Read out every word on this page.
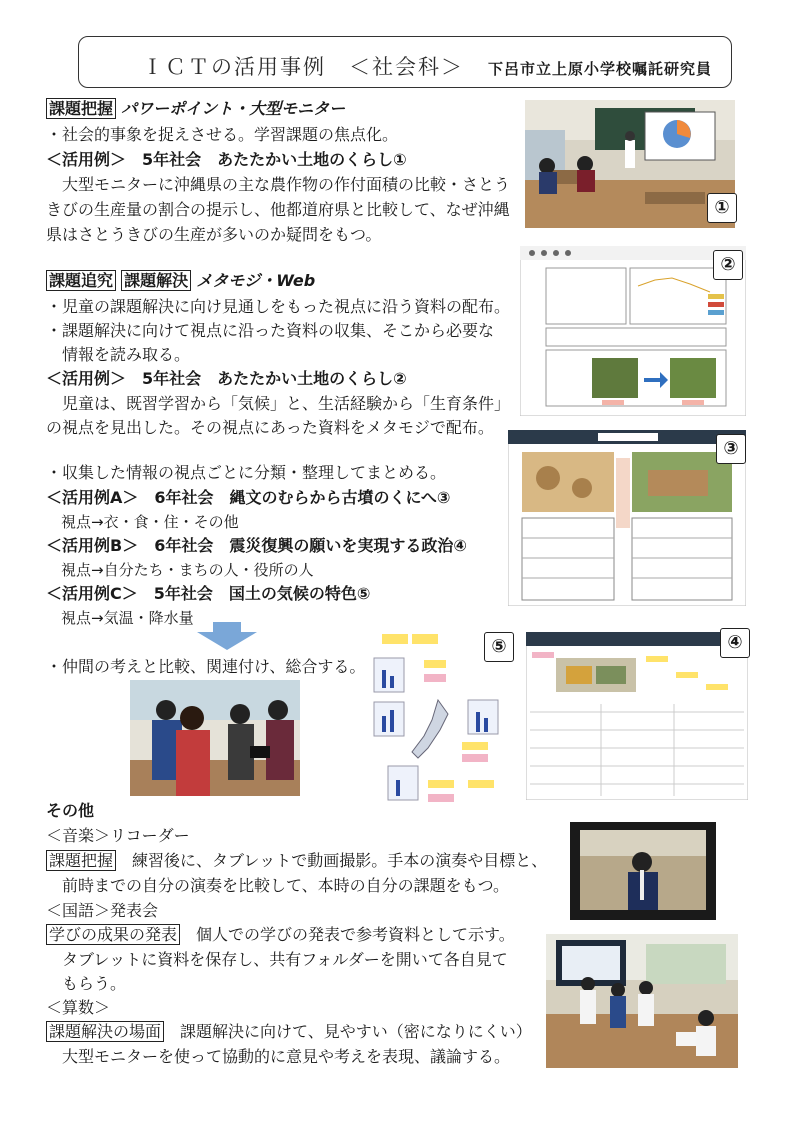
ＩＣＴの活用事例　＜社会科＞ 下呂市立上原小学校嘱託研究員
課題把握 パワーポイント・大型モニター
・社会的事象を捉えさせる。学習課題の焦点化。
＜活用例＞　5年社会　あたたかい土地のくらし①
　大型モニターに沖縄県の主な農作物の作付面積の比較・さとう
きびの生産量の割合の提示し、他都道府県と比較して、なぜ沖縄
県はさとうきびの生産が多いのか疑問をもつ。
①
課題追究 課題解決 メタモジ・Web
・児童の課題解決に向け見通しをもった視点に沿う資料の配布。
・課題解決に向けて視点に沿った資料の収集、そこから必要な
　情報を読み取る。
＜活用例＞　5年社会　あたたかい土地のくらし②
　児童は、既習学習から「気候」と、生活経験から「生育条件」
の視点を見出した。その視点にあった資料をメタモジで配布。
②
・収集した情報の視点ごとに分類・整理してまとめる。
＜活用例A＞　6年社会　縄文のむらから古墳のくにへ③
　視点→衣・食・住・その他
＜活用例B＞　6年社会　震災復興の願いを実現する政治④
　視点→自分たち・まちの人・役所の人
＜活用例C＞　5年社会　国土の気候の特色⑤
　視点→気温・降水量
・仲間の考えと比較、関連付け、総合する。
③
④
⑤
その他
＜音楽＞リコーダー
課題把握　練習後に、タブレットで動画撮影。手本の演奏や目標と、
　前時までの自分の演奏を比較して、本時の自分の課題をもつ。
＜国語＞発表会
学びの成果の発表　個人での学びの発表で参考資料として示す。
　タブレットに資料を保存し、共有フォルダーを開いて各自見て
　もらう。
＜算数＞
課題解決の場面　課題解決に向けて、見やすい（密になりにくい）
　大型モニターを使って協動的に意見や考えを表現、議論する。
